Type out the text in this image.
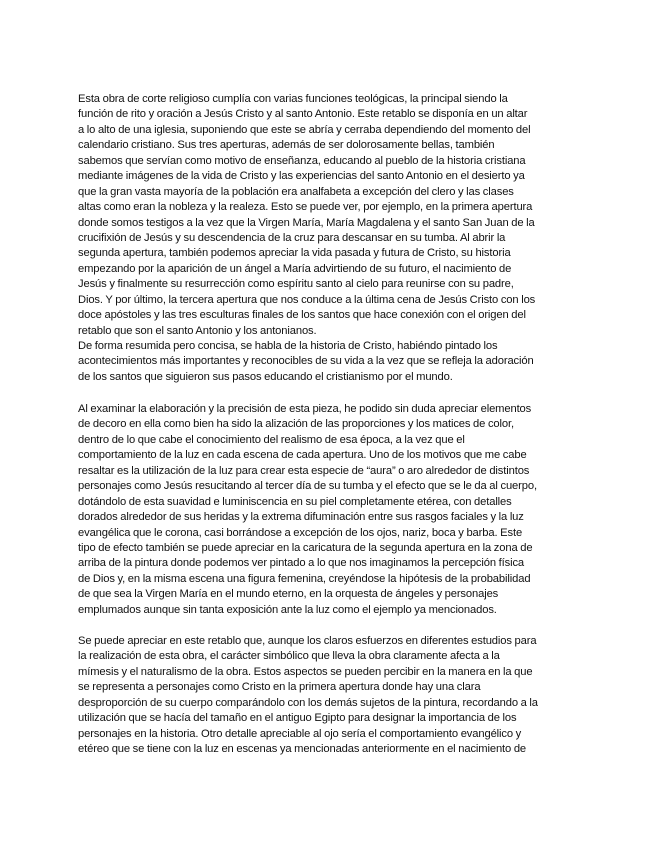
Esta obra de corte religioso cumplía con varias funciones teológicas, la principal siendo la
función de rito y oración a Jesús Cristo y al santo Antonio. Este retablo se disponía en un altar
a lo alto de una iglesia, suponiendo que este se abría y cerraba dependiendo del momento del
calendario cristiano. Sus tres aperturas, además de ser dolorosamente bellas, también
sabemos que servían como motivo de enseñanza, educando al pueblo de la historia cristiana
mediante imágenes de la vida de Cristo y las experiencias del santo Antonio en el desierto ya
que la gran vasta mayoría de la población era analfabeta a excepción del clero y las clases
altas como eran la nobleza y la realeza. Esto se puede ver, por ejemplo, en la primera apertura
donde somos testigos a la vez que la Virgen María, María Magdalena y el santo San Juan de la
crucifixión de Jesús y su descendencia de la cruz para descansar en su tumba. Al abrir la
segunda apertura, también podemos apreciar la vida pasada y futura de Cristo, su historia
empezando por la aparición de un ángel a María advirtiendo de su futuro, el nacimiento de
Jesús y finalmente su resurrección como espíritu santo al cielo para reunirse con su padre,
Dios. Y por último, la tercera apertura que nos conduce a la última cena de Jesús Cristo con los
doce apóstoles y las tres esculturas finales de los santos que hace conexión con el origen del
retablo que son el santo Antonio y los antonianos.
De forma resumida pero concisa, se habla de la historia de Cristo, habiéndo pintado los
acontecimientos más importantes y reconocibles de su vida a la vez que se refleja la adoración
de los santos que siguieron sus pasos educando el cristianismo por el mundo.
Al examinar la elaboración y la precisión de esta pieza, he podido sin duda apreciar elementos
de decoro en ella como bien ha sido la alización de las proporciones y los matices de color,
dentro de lo que cabe el conocimiento del realismo de esa época, a la vez que el
comportamiento de la luz en cada escena de cada apertura. Uno de los motivos que me cabe
resaltar es la utilización de la luz para crear esta especie de “aura” o aro alrededor de distintos
personajes como Jesús resucitando al tercer día de su tumba y el efecto que se le da al cuerpo,
dotándolo de esta suavidad e luminiscencia en su piel completamente etérea, con detalles
dorados alrededor de sus heridas y la extrema difuminación entre sus rasgos faciales y la luz
evangélica que le corona, casi borrándose a excepción de los ojos, nariz, boca y barba. Este
tipo de efecto también se puede apreciar en la caricatura de la segunda apertura en la zona de
arriba de la pintura donde podemos ver pintado a lo que nos imaginamos la percepción física
de Dios y, en la misma escena una figura femenina, creyéndose la hipótesis de la probabilidad
de que sea la Virgen María en el mundo eterno, en la orquesta de ángeles y personajes
emplumados aunque sin tanta exposición ante la luz como el ejemplo ya mencionados.
Se puede apreciar en este retablo que, aunque los claros esfuerzos en diferentes estudios para
la realización de esta obra, el carácter simbólico que lleva la obra claramente afecta a la
mímesis y el naturalismo de la obra. Estos aspectos se pueden percibir en la manera en la que
se representa a personajes como Cristo en la primera apertura donde hay una clara
desproporción de su cuerpo comparándolo con los demás sujetos de la pintura, recordando a la
utilización que se hacía del tamaño en el antiguo Egipto para designar la importancia de los
personajes en la historia. Otro detalle apreciable al ojo sería el comportamiento evangélico y
etéreo que se tiene con la luz en escenas ya mencionadas anteriormente en el nacimiento de
